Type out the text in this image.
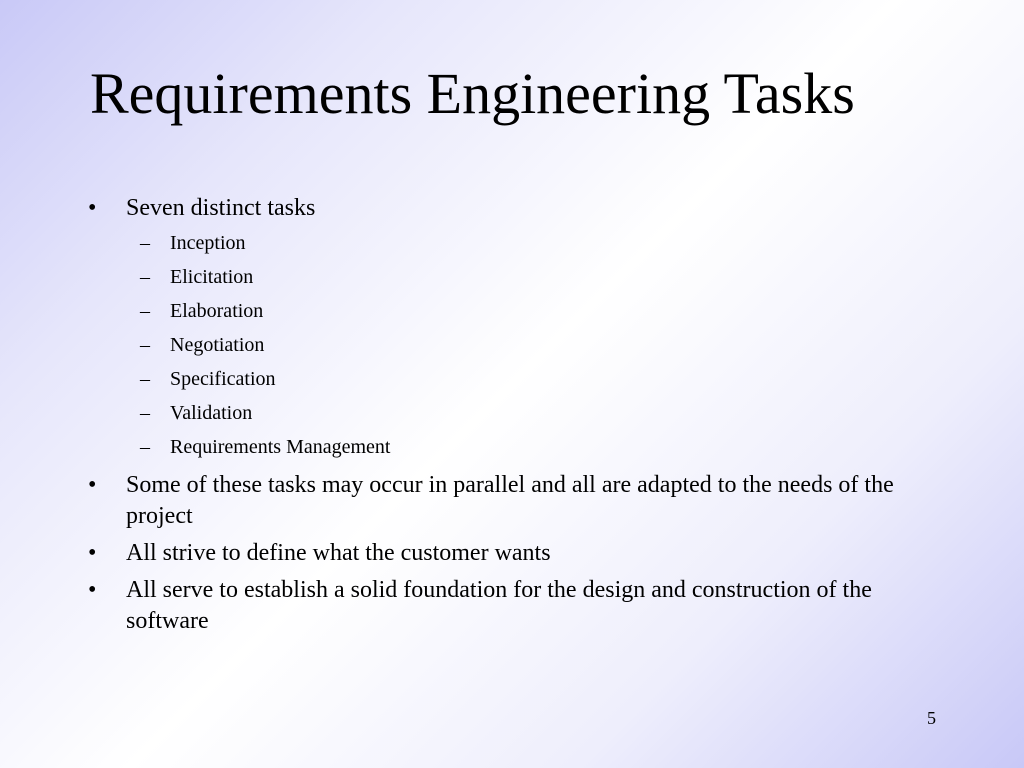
Requirements Engineering Tasks
• Seven distinct tasks
– Inception
– Elicitation
– Elaboration
– Negotiation
– Specification
– Validation
– Requirements Management
• Some of these tasks may occur in parallel and all are adapted to the needs of the project
• All strive to define what the customer wants
• All serve to establish a solid foundation for the design and construction of the software
5
